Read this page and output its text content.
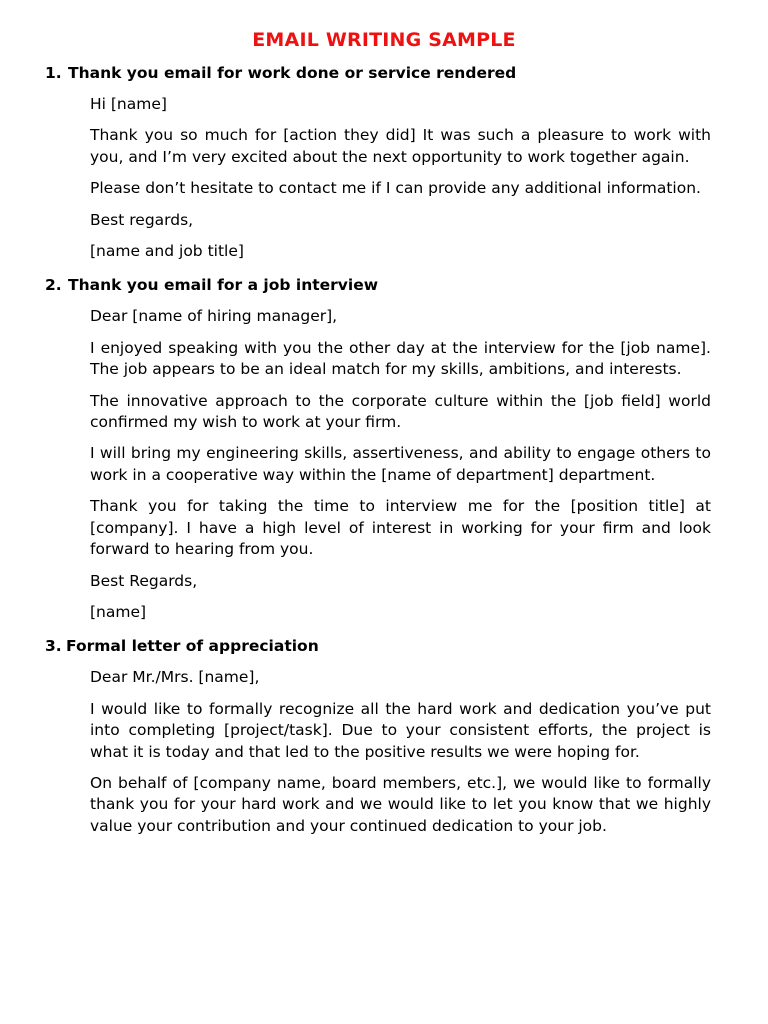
EMAIL WRITING SAMPLE
1. Thank you email for work done or service rendered

Hi [name]

Thank you so much for [action they did] It was such a pleasure to work with you, and I’m very excited about the next opportunity to work together again.

Please don’t hesitate to contact me if I can provide any additional information.

Best regards,

[name and job title]

2. Thank you email for a job interview

Dear [name of hiring manager],

I enjoyed speaking with you the other day at the interview for the [job name]. The job appears to be an ideal match for my skills, ambitions, and interests.

The innovative approach to the corporate culture within the [job field] world confirmed my wish to work at your firm.

I will bring my engineering skills, assertiveness, and ability to engage others to work in a cooperative way within the [name of department] department.

Thank you for taking the time to interview me for the [position title] at [company]. I have a high level of interest in working for your firm and look forward to hearing from you.

Best Regards,

[name]

3. Formal letter of appreciation

Dear Mr./Mrs. [name],

I would like to formally recognize all the hard work and dedication you’ve put into completing [project/task]. Due to your consistent efforts, the project is what it is today and that led to the positive results we were hoping for.

On behalf of [company name, board members, etc.], we would like to formally thank you for your hard work and we would like to let you know that we highly value your contribution and your continued dedication to your job.
